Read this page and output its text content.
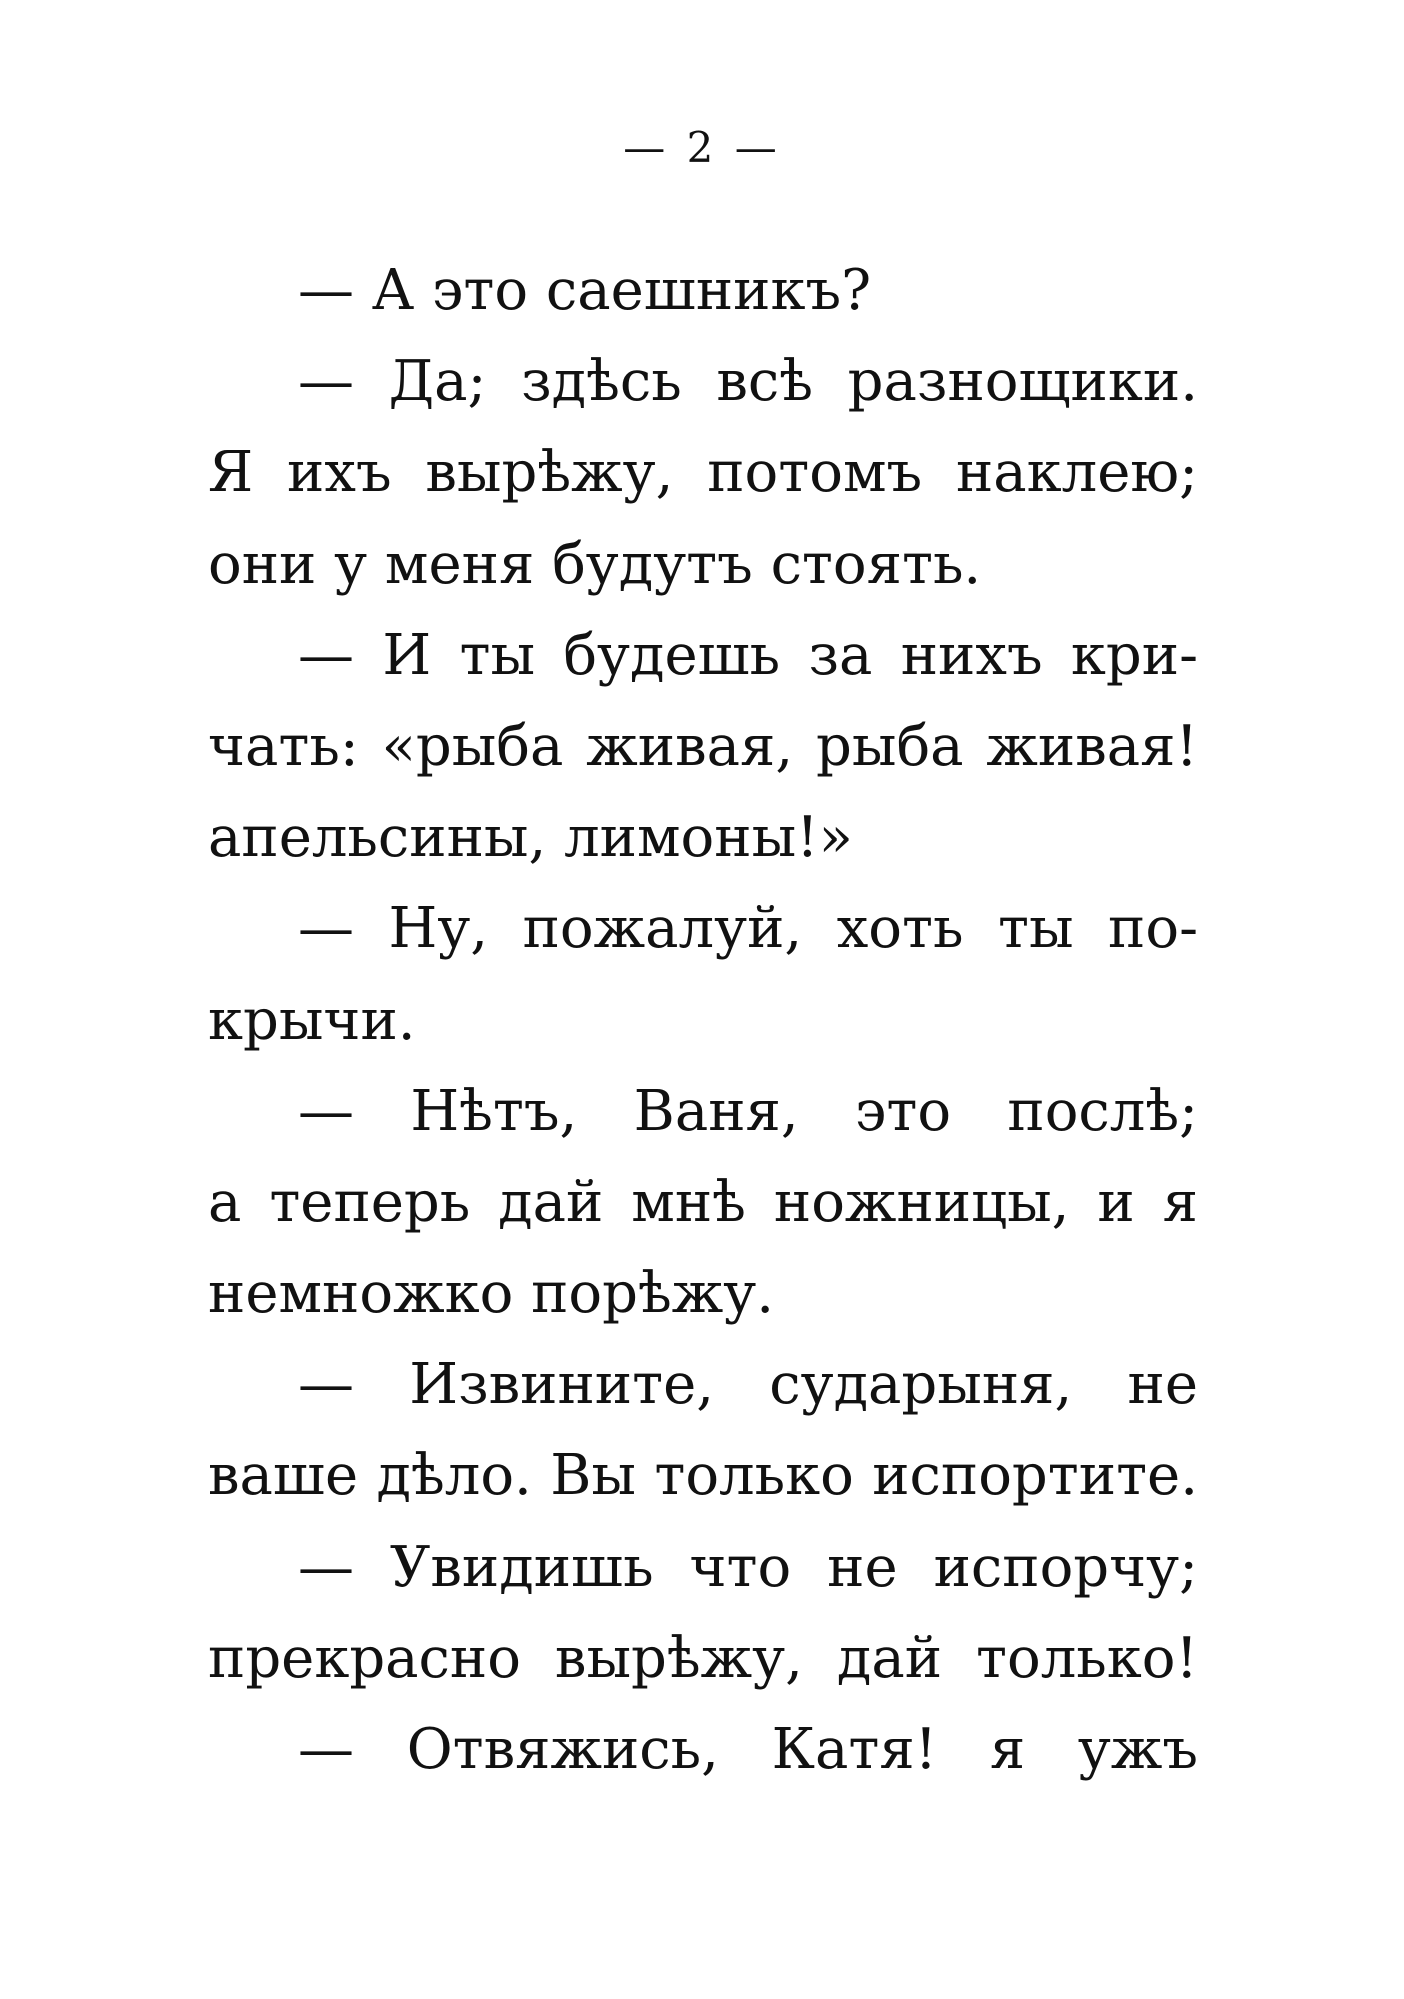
— 2 —
— А это саешникъ?
— Да; здѣсь всѣ разнощики.
Я ихъ вырѣжу, потомъ наклею;
они у меня будутъ стоять.
— И ты будешь за нихъ кри-
чать: «рыба живая, рыба живая!
апельсины, лимоны!»
— Ну, пожалуй, хоть ты по-
крычи.
— Нѣтъ, Ваня, это послѣ;
а теперь дай мнѣ ножницы, и я
немножко порѣжу.
— Извините, сударыня, не
ваше дѣло. Вы только испортите.
— Увидишь что не испорчу;
прекрасно вырѣжу, дай только!
— Отвяжись, Катя! я ужъ
